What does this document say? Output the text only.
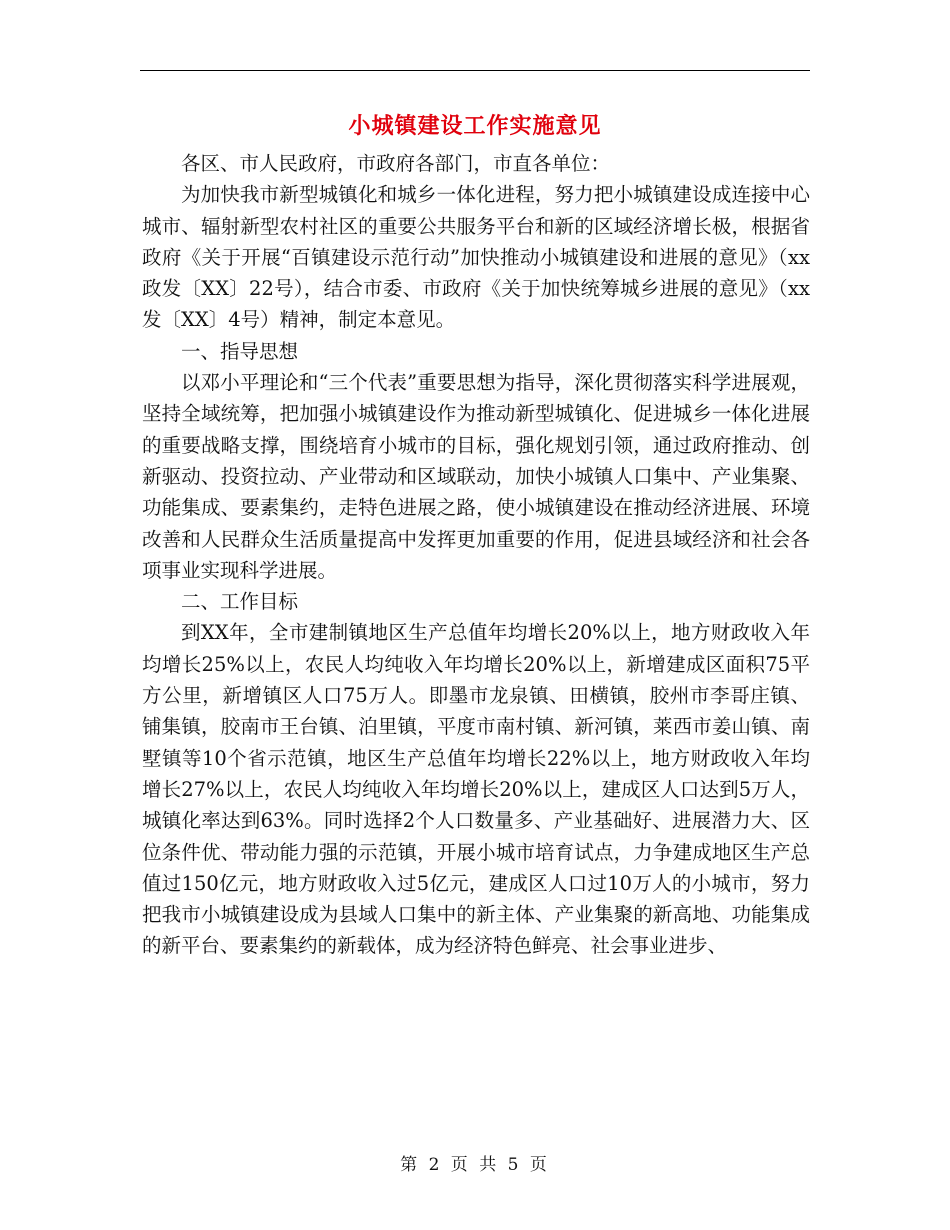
小城镇建设工作实施意见

各区、市人民政府，市政府各部门，市直各单位：

为加快我市新型城镇化和城乡一体化进程，努力把小城镇建设成连接中心城市、辐射新型农村社区的重要公共服务平台和新的区域经济增长极，根据省政府《关于开展“百镇建设示范行动”加快推动小城镇建设和进展的意见》（xx政发〔XX〕22号），结合市委、市政府《关于加快统筹城乡进展的意见》（xx发〔XX〕4号）精神，制定本意见。

一、指导思想

以邓小平理论和“三个代表”重要思想为指导，深化贯彻落实科学进展观，坚持全域统筹，把加强小城镇建设作为推动新型城镇化、促进城乡一体化进展的重要战略支撑，围绕培育小城市的目标，强化规划引领，通过政府推动、创新驱动、投资拉动、产业带动和区域联动，加快小城镇人口集中、产业集聚、功能集成、要素集约，走特色进展之路，使小城镇建设在推动经济进展、环境改善和人民群众生活质量提高中发挥更加重要的作用，促进县域经济和社会各项事业实现科学进展。

二、工作目标

到XX年，全市建制镇地区生产总值年均增长20%以上，地方财政收入年均增长25%以上，农民人均纯收入年均增长20%以上，新增建成区面积75平方公里，新增镇区人口75万人。即墨市龙泉镇、田横镇，胶州市李哥庄镇、铺集镇，胶南市王台镇、泊里镇，平度市南村镇、新河镇，莱西市姜山镇、南墅镇等10个省示范镇，地区生产总值年均增长22%以上，地方财政收入年均增长27%以上，农民人均纯收入年均增长20%以上，建成区人口达到5万人，城镇化率达到63%。同时选择2个人口数量多、产业基础好、进展潜力大、区位条件优、带动能力强的示范镇，开展小城市培育试点，力争建成地区生产总值过150亿元，地方财政收入过5亿元，建成区人口过10万人的小城市，努力把我市小城镇建设成为县域人口集中的新主体、产业集聚的新高地、功能集成的新平台、要素集约的新载体，成为经济特色鲜亮、社会事业进步、

第 2 页 共 5 页
